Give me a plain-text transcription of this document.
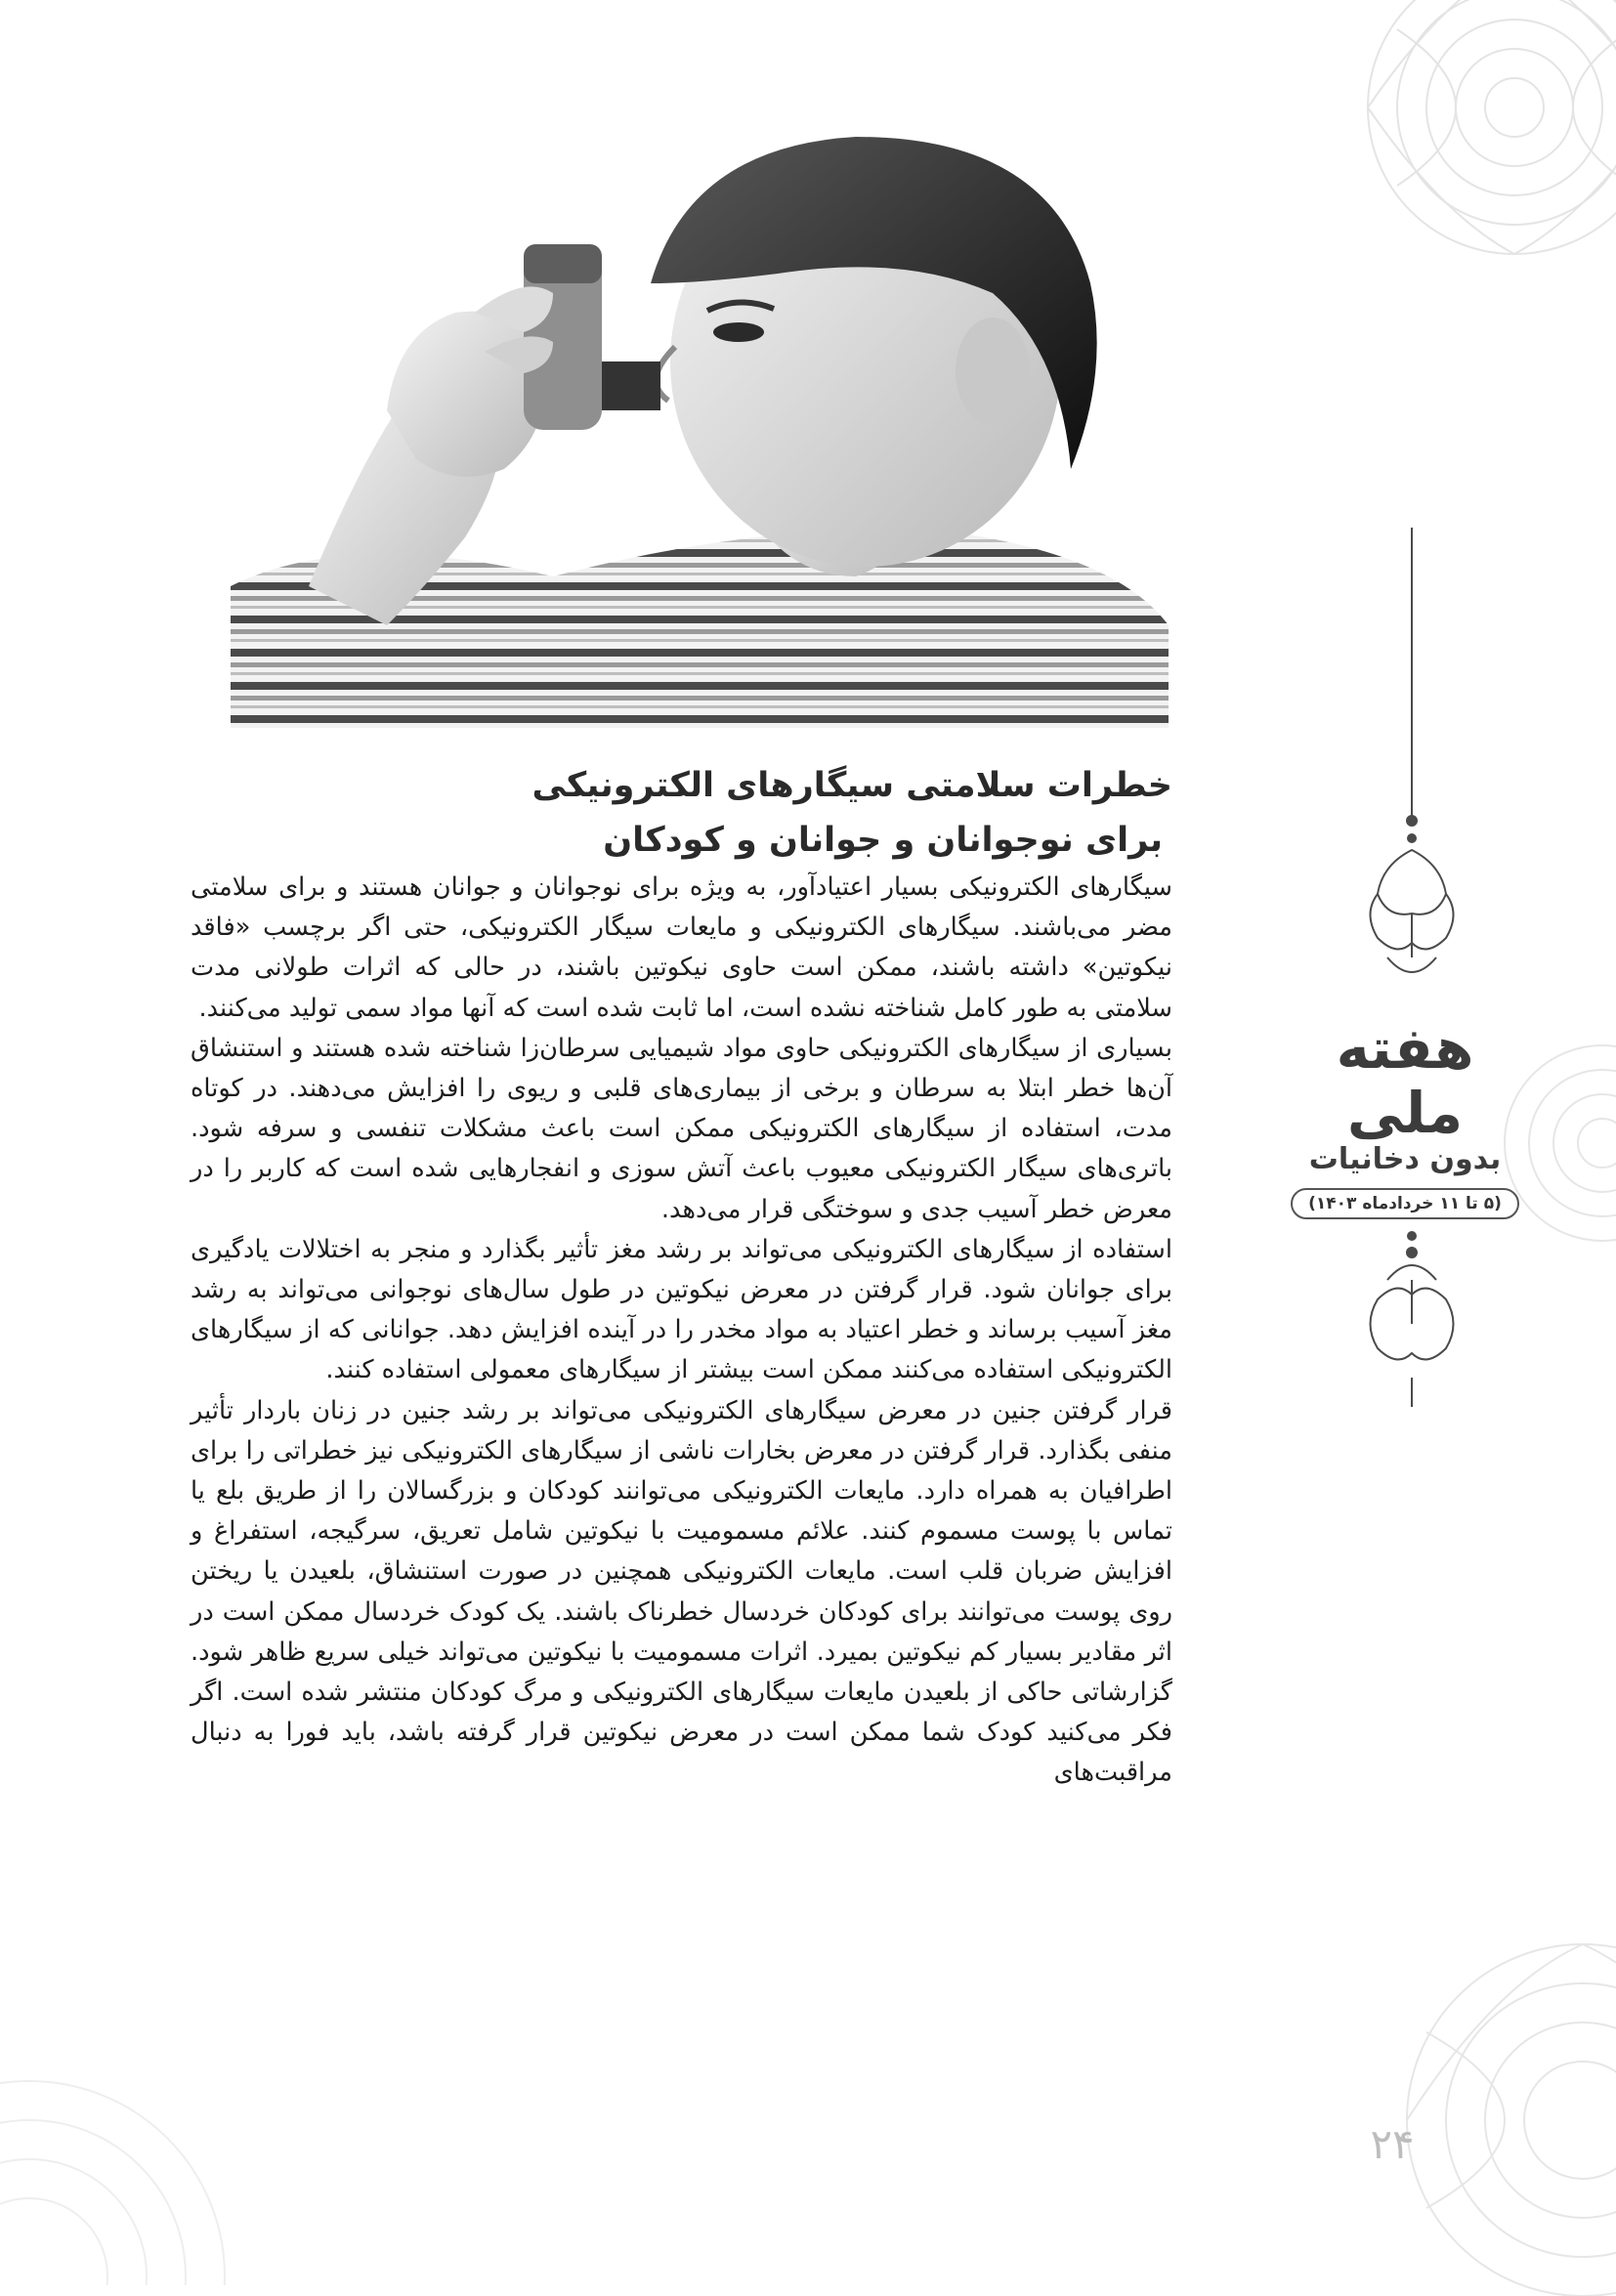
خطرات سلامتی سیگارهای الکترونیکی
برای نوجوانان و جوانان و کودکان

سیگارهای الکترونیکی بسیار اعتیادآور، به ویژه برای نوجوانان و جوانان هستند و برای سلامتی مضر می‌باشند. سیگارهای الکترونیکی و مایعات سیگار الکترونیکی، حتی اگر برچسب «فاقد نیکوتین» داشته باشند، ممکن است حاوی نیکوتین باشند، در حالی که اثرات طولانی مدت سلامتی به طور کامل شناخته نشده است، اما ثابت شده است که آنها مواد سمی تولید می‌کنند.

بسیاری از سیگارهای الکترونیکی حاوی مواد شیمیایی سرطان‌زا شناخته شده هستند و استنشاق آن‌ها خطر ابتلا به سرطان و برخی از بیماری‌های قلبی و ریوی را افزایش می‌دهند. در کوتاه مدت، استفاده از سیگارهای الکترونیکی ممکن است باعث مشکلات تنفسی و سرفه شود. باتری‌های سیگار الکترونیکی معیوب باعث آتش سوزی و انفجارهایی شده است که کاربر را در معرض خطر آسیب جدی و سوختگی قرار می‌دهد.

استفاده از سیگارهای الکترونیکی می‌تواند بر رشد مغز تأثیر بگذارد و منجر به اختلالات یادگیری برای جوانان شود. قرار گرفتن در معرض نیکوتین در طول سال‌های نوجوانی می‌تواند به رشد مغز آسیب برساند و خطر اعتیاد به مواد مخدر را در آینده افزایش دهد. جوانانی که از سیگارهای الکترونیکی استفاده می‌کنند ممکن است بیشتر از سیگارهای معمولی استفاده کنند.

قرار گرفتن جنین در معرض سیگارهای الکترونیکی می‌تواند بر رشد جنین در زنان باردار تأثیر منفی بگذارد. قرار گرفتن در معرض بخارات ناشی از سیگارهای الکترونیکی نیز خطراتی را برای اطرافیان به همراه دارد. مایعات الکترونیکی می‌توانند کودکان و بزرگسالان را از طریق بلع یا تماس با پوست مسموم کنند. علائم مسمومیت با نیکوتین شامل تعریق، سرگیجه، استفراغ و افزایش ضربان قلب است. مایعات الکترونیکی همچنین در صورت استنشاق، بلعیدن یا ریختن روی پوست می‌توانند برای کودکان خردسال خطرناک باشند. یک کودک خردسال ممکن است در اثر مقادیر بسیار کم نیکوتین بمیرد. اثرات مسمومیت با نیکوتین می‌تواند خیلی سریع ظاهر شود. گزارشاتی حاکی از بلعیدن مایعات سیگارهای الکترونیکی و مرگ کودکان منتشر شده است. اگر فکر می‌کنید کودک شما ممکن است در معرض نیکوتین قرار گرفته باشد، باید فورا به دنبال مراقبت‌های

هفته ملی
بدون دخانیات
(۵ تا ۱۱ خردادماه ۱۴۰۳)
۲۴
